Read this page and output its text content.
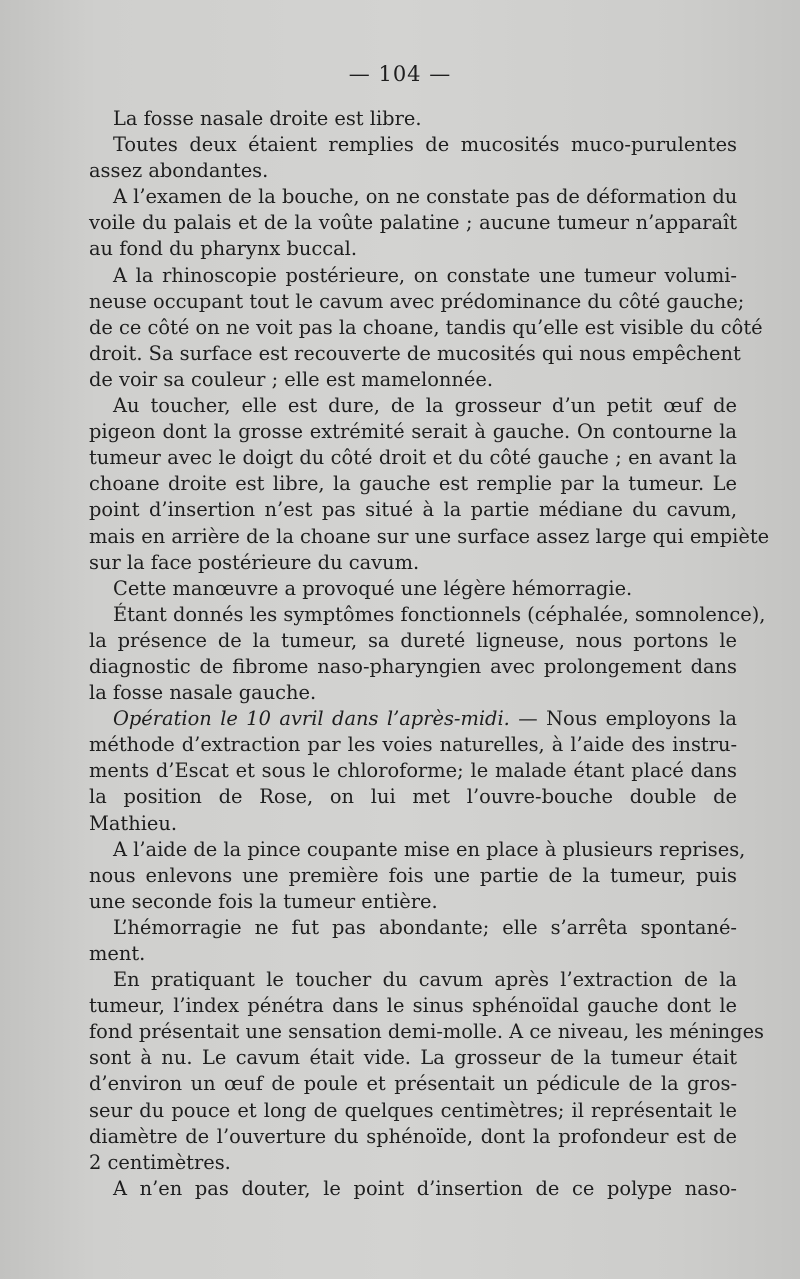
— 104 —
La fosse nasale droite est libre.
Toutes deux étaient remplies de mucosités muco-purulentes
assez abondantes.
A l’examen de la bouche, on ne constate pas de déformation du
voile du palais et de la voûte palatine ; aucune tumeur n’apparaît
au fond du pharynx buccal.
A la rhinoscopie postérieure, on constate une tumeur volumi-
neuse occupant tout le cavum avec prédominance du côté gauche;
de ce côté on ne voit pas la choane, tandis qu’elle est visible du côté
droit. Sa surface est recouverte de mucosités qui nous empêchent
de voir sa couleur ; elle est mamelonnée.
Au toucher, elle est dure, de la grosseur d’un petit œuf de
pigeon dont la grosse extrémité serait à gauche. On contourne la
tumeur avec le doigt du côté droit et du côté gauche ; en avant la
choane droite est libre, la gauche est remplie par la tumeur. Le
point d’insertion n’est pas situé à la partie médiane du cavum,
mais en arrière de la choane sur une surface assez large qui empiète
sur la face postérieure du cavum.
Cette manœuvre a provoqué une légère hémorragie.
Étant donnés les symptômes fonctionnels (céphalée, somnolence),
la présence de la tumeur, sa dureté ligneuse, nous portons le
diagnostic de fibrome naso-pharyngien avec prolongement dans
la fosse nasale gauche.
Opération le 10 avril dans l’après-midi. — Nous employons la
méthode d’extraction par les voies naturelles, à l’aide des instru-
ments d’Escat et sous le chloroforme; le malade étant placé dans
la position de Rose, on lui met l’ouvre-bouche double de
Mathieu.
A l’aide de la pince coupante mise en place à plusieurs reprises,
nous enlevons une première fois une partie de la tumeur, puis
une seconde fois la tumeur entière.
L’hémorragie ne fut pas abondante; elle s’arrêta spontané-
ment.
En pratiquant le toucher du cavum après l’extraction de la
tumeur, l’index pénétra dans le sinus sphénoïdal gauche dont le
fond présentait une sensation demi-molle. A ce niveau, les méninges
sont à nu. Le cavum était vide. La grosseur de la tumeur était
d’environ un œuf de poule et présentait un pédicule de la gros-
seur du pouce et long de quelques centimètres; il représentait le
diamètre de l’ouverture du sphénoïde, dont la profondeur est de
2 centimètres.
A n’en pas douter, le point d’insertion de ce polype naso-
